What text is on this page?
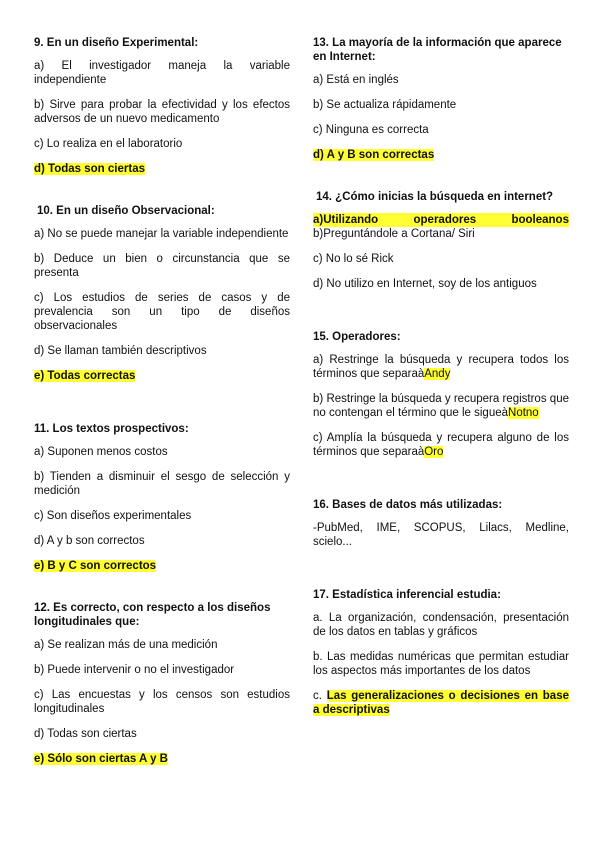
9. En un diseño Experimental:
a) El investigador maneja la variable independiente
b) Sirve para probar la efectividad y los efectos adversos de un nuevo medicamento
c) Lo realiza en el laboratorio
d) Todas son ciertas
10. En un diseño Observacional:
a) No se puede manejar la variable independiente
b) Deduce un bien o circunstancia que se presenta
c) Los estudios de series de casos y de prevalencia son un tipo de diseños observacionales
d) Se llaman también descriptivos
e) Todas correctas
11. Los textos prospectivos:
a) Suponen menos costos
b) Tienden a disminuir el sesgo de selección y medición
c) Son diseños experimentales
d) A y b son correctos
e) B y C son correctos
12. Es correcto, con respecto a los diseños longitudinales que:
a) Se realizan más de una medición
b) Puede intervenir o no el investigador
c) Las encuestas y los censos son estudios longitudinales
d) Todas son ciertas
e) Sólo son ciertas A y B
13. La mayoría de la información que aparece en Internet:
a) Está en inglés
b) Se actualiza rápidamente
c) Ninguna es correcta
d) A y B son correctas
14. ¿Cómo inicias la búsqueda en internet?
a)Utilizando	operadores	booleanos
b)Preguntándole a Cortana/ Siri
c) No lo sé Rick
d) No utilizo en Internet, soy de los antiguos
15. Operadores:
a) Restringe la búsqueda y recupera todos los términos que separaàAndy
b) Restringe la búsqueda y recupera registros que no contengan el término que le sigueàNotno
c) Amplía la búsqueda y recupera alguno de los términos que separaàOro
16. Bases de datos más utilizadas:
-PubMed, IME, SCOPUS, Lilacs, Medline, scielo...
17. Estadística inferencial estudia:
a. La organización, condensación, presentación de los datos en tablas y gráficos
b. Las medidas numéricas que permitan estudiar los aspectos más importantes de los datos
c. Las generalizaciones o decisiones en base a descriptivas
